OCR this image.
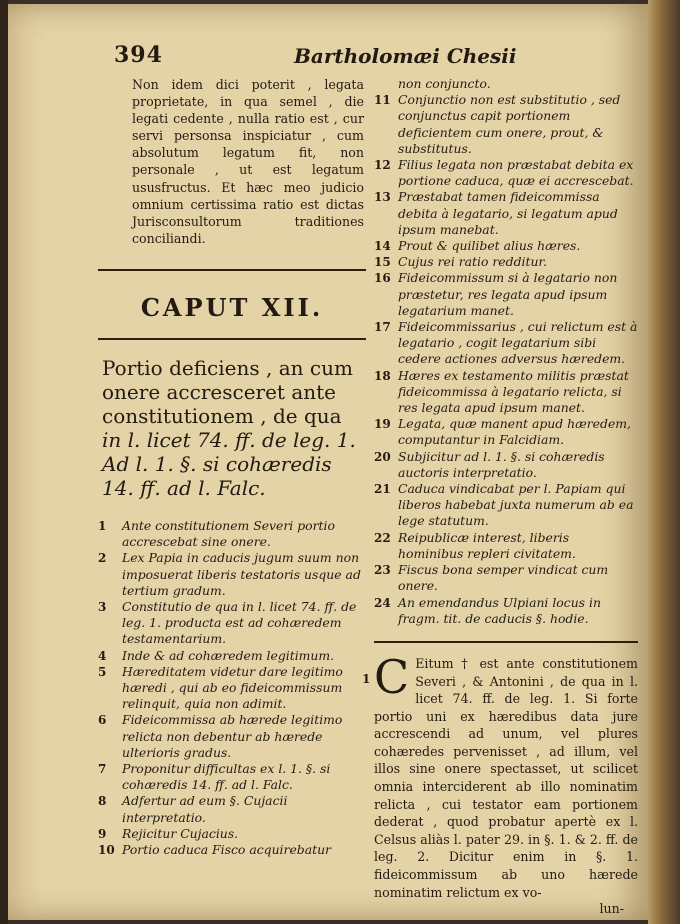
394	Bartholomæi Chesii

Non idem dici poterit , legata proprietate, in qua semel , die legati cedente , nulla ratio est , cur servi personsa inspiciatur , cum absolutum legatum fit, non personale , ut est legatum ususfructus. Et hæc meo judicio omnium certissima ratio est dictas Jurisconsultorum traditiones conciliandi.

CAPUT XII.

Portio deficiens , an cum onere accresceret ante constitutionem , de qua in l. licet 74. ff. de leg. 1. Ad l. 1. §. si cohæredis 14. ff. ad l. Falc.

1 Ante constitutionem Severi portio accrescebat sine onere.
2 Lex Papia in caducis jugum suum non imposuerat liberis testatoris usque ad tertium gradum.
3 Constitutio de qua in l. licet 74. ff. de leg. 1. producta est ad cohæredem testamentarium.
4 Inde & ad cohæredem legitimum.
5 Hæreditatem videtur dare legitimo hæredi , qui ab eo fideicommissum relinquit, quia non adimit.
6 Fideicommissa ab hærede legitimo relicta non debentur ab hærede ulterioris gradus.
7 Proponitur difficultas ex l. 1. §. si cohæredis 14. ff. ad l. Falc.
8 Adfertur ad eum §. Cujacii interpretatio.
9 Rejicitur Cujacius.
10 Portio caduca Fisco acquirebatur
non conjuncto.
11 Conjunctio non est substitutio , sed conjunctus capit portionem deficientem cum onere, prout, & substitutus.
12 Filius legata non præstabat debita ex portione caduca, quæ ei accrescebat.
13 Præstabat tamen fideicommissa debita à legatario, si legatum apud ipsum manebat.
14 Prout & quilibet alius hæres.
15 Cujus rei ratio redditur.
16 Fideicommissum si à legatario non præstetur, res legata apud ipsum legatarium manet.
17 Fideicommissarius , cui relictum est à legatario , cogit legatarium sibi cedere actiones adversus hæredem.
18 Hæres ex testamento militis præstat fideicommissa à legatario relicta, si res legata apud ipsum manet.
19 Legata, quæ manent apud hæredem, computantur in Falcidiam.
20 Subjicitur ad l. 1. §. si cohæredis auctoris interpretatio.
21 Caduca vindicabat per l. Papiam qui liberos habebat juxta numerum ab ea lege statutum.
22 Reipublicæ interest, liberis hominibus repleri civitatem.
23 Fiscus bona semper vindicat cum onere.
24 An emendandus Ulpiani locus in fragm. tit. de caducis §. hodie.
1 C Eitum † est ante constitutionem Severi , & Antonini , de qua in l. licet 74. ff. de leg. 1. Si forte portio uni ex hæredibus data jure accrescendi ad unum, vel plures cohæredes pervenisset , ad illum, vel illos sine onere spectasset, ut scilicet omnia interciderent ab illo nominatim relicta , cui testator eam portionem dederat , quod probatur apertè ex l. Celsus aliàs l. pater 29. in §. 1. & 2. ff. de leg. 2. Dicitur enim in §. 1. fideicommissum ab uno hærede nominatim relictum ex vo-
lun-
